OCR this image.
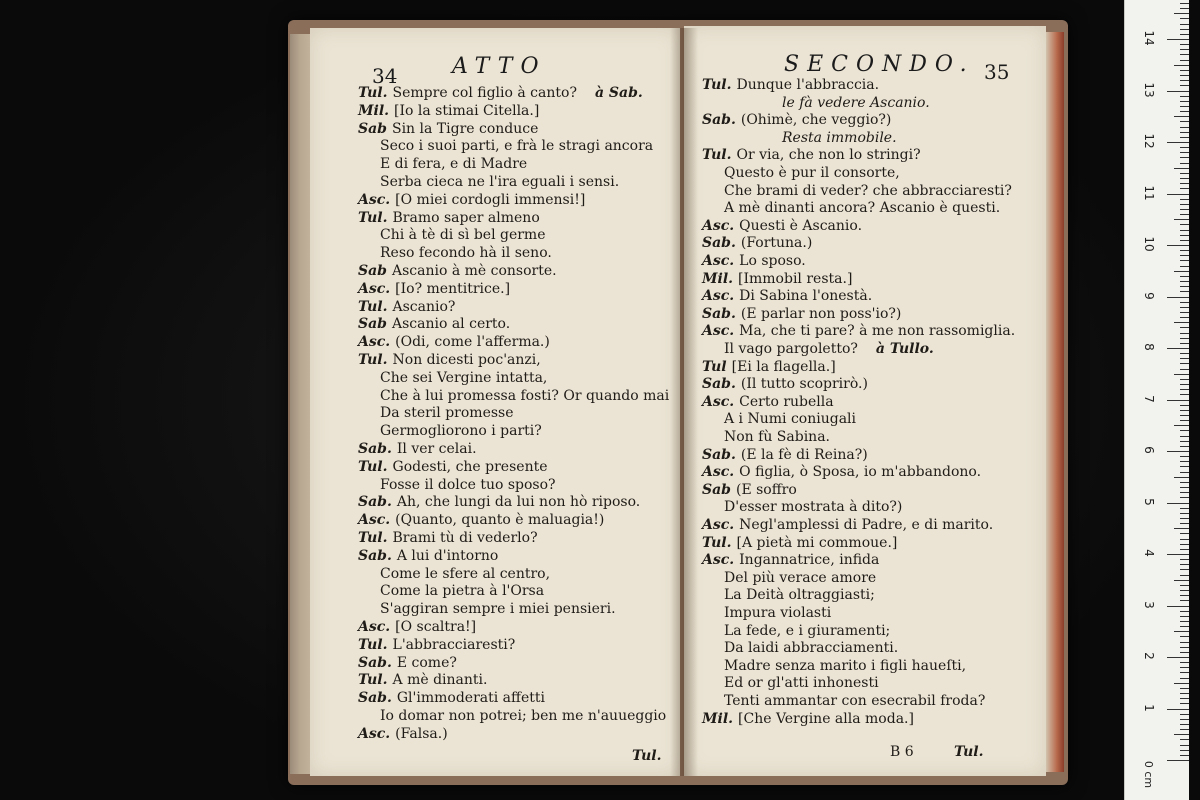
34 ATTO
Tul. Sempre col figlio à canto? à Sab.
Mil. [Io la stimai Citella.]
Sab Sin la Tigre conduce
Seco i suoi parti, e frà le stragi ancora
E di fera, e di Madre
Serba cieca ne l'ira eguali i sensi.
Asc. [O miei cordogli immensi!]
Tul. Bramo saper almeno
Chi à tè di sì bel germe
Reso fecondo hà il seno.
Sab Ascanio à mè consorte.
Asc. [Io? mentitrice.]
Tul. Ascanio?
Sab Ascanio al certo.
Asc. (Odi, come l'afferma.)
Tul. Non dicesti poc'anzi,
Che sei Vergine intatta,
Che à lui promessa fosti? Or quando mai
Da steril promesse
Germogliorono i parti?
Sab. Il ver celai.
Tul. Godesti, che presente
Fosse il dolce tuo sposo?
Sab. Ah, che lungi da lui non hò riposo.
Asc. (Quanto, quanto è maluagia!)
Tul. Brami tù di vederlo?
Sab. A lui d'intorno
Come le sfere al centro,
Come la pietra à l'Orsa
S'aggiran sempre i miei pensieri.
Asc. [O scaltra!]
Tul. L'abbracciaresti?
Sab. E come?
Tul. A mè dinanti.
Sab. Gl'immoderati affetti
Io domar non potrei; ben me n'auueggio
Asc. (Falsa.)
Tul.
SECONDO. 35
Tul. Dunque l'abbraccia.
le fà vedere Ascanio.
Sab. (Ohimè, che veggio?)
Resta immobile.
Tul. Or via, che non lo stringi?
Questo è pur il consorte,
Che brami di veder? che abbracciaresti?
A mè dinanti ancora? Ascanio è questi.
Asc. Questi è Ascanio.
Sab. (Fortuna.)
Asc. Lo sposo.
Mil. [Immobil resta.]
Asc. Di Sabina l'onestà.
Sab. (E parlar non poss'io?)
Asc. Ma, che ti pare? à me non rassomiglia.
Il vago pargoletto? à Tullo.
Tul [Ei la flagella.]
Sab. (Il tutto scoprirò.)
Asc. Certo rubella
A i Numi coniugali
Non fù Sabina.
Sab. (E la fè di Reina?)
Asc. O figlia, ò Sposa, io m'abbandono.
Sab (E soffro
D'esser mostrata à dito?)
Asc. Negl'amplessi di Padre, e di marito.
Tul. [A pietà mi commoue.]
Asc. Ingannatrice, infida
Del più verace amore
La Deità oltraggiasti;
Impura violasti
La fede, e i giuramenti;
Da laidi abbracciamenti.
Madre senza marito i figli haueſti,
Ed or gl'atti inhonesti
Tenti ammantar con esecrabil froda?
Mil. [Che Vergine alla moda.]
B 6	Tul.
0 cm
14
13
12
11
10
9
8
7
6
5
4
3
2
1
